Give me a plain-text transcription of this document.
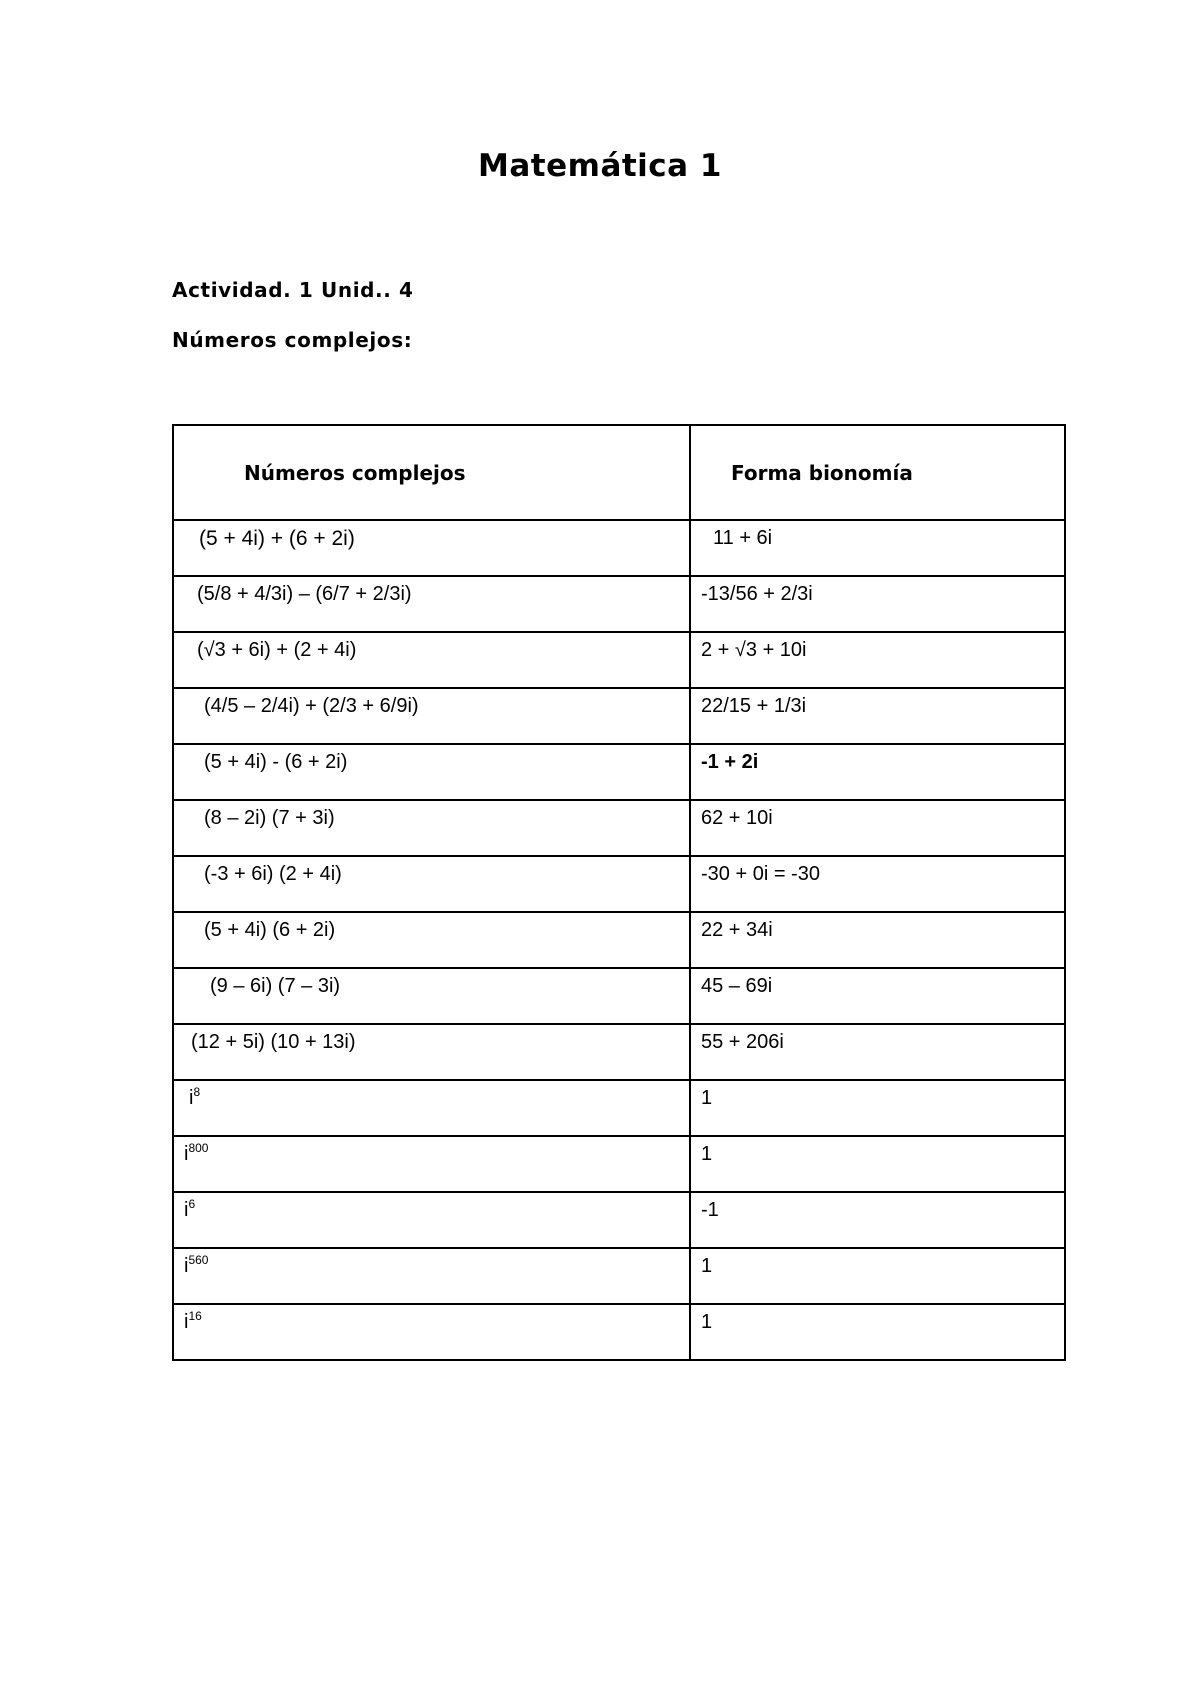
Matemática 1
Actividad. 1 Unid.. 4
Números complejos:
Números complejos	Forma bionomía

(5 + 4i) + (6 + 2i)	11 + 6i

(5/8 + 4/3i) – (6/7 + 2/3i)	-13/56 + 2/3i

(√3 + 6i) + (2 + 4i)	2 + √3 + 10i

(4/5 – 2/4i) + (2/3 + 6/9i)	22/15 + 1/3i

(5 + 4i) - (6 + 2i)	-1 + 2i

(8 – 2i) (7 + 3i)	62 + 10i

(-3 + 6i) (2 + 4i)	-30 + 0i = -30

(5 + 4i) (6 + 2i)	22 + 34i

(9 – 6i) (7 – 3i)	45 – 69i

(12 + 5i) (10 + 13i)	55 + 206i

$i^8$	1

$i^{800}$	1

$i^6$	-1

$i^{560}$	1

$i^{16}$	1
